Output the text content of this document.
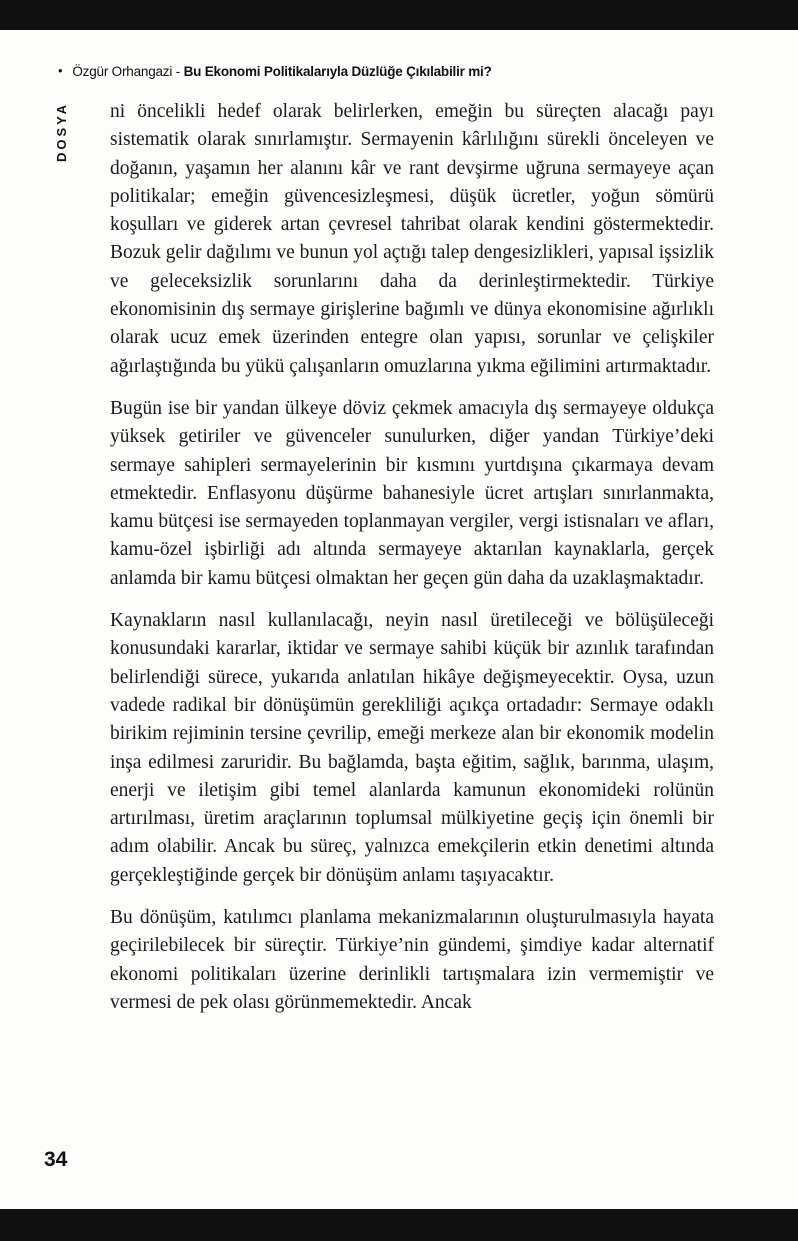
• Özgür Orhangazi - Bu Ekonomi Politikalarıyla Düzlüğe Çıkılabilir mi?
DOSYA ni öncelikli hedef olarak belirlerken, emeğin bu süreçten alacağı payı sistematik olarak sınırlamıştır. Sermayenin kârlılığını sürekli önceleyen ve doğanın, yaşamın her alanını kâr ve rant devşirme uğruna sermayeye açan politikalar; emeğin güvencesizleşmesi, düşük ücretler, yoğun sömürü koşulları ve giderek artan çevresel tahribat olarak kendini göstermektedir. Bozuk gelir dağılımı ve bunun yol açtığı talep dengesizlikleri, yapısal işsizlik ve geleceksizlik sorunlarını daha da derinleştirmektedir. Türkiye ekonomisinin dış sermaye girişlerine bağımlı ve dünya ekonomisine ağırlıklı olarak ucuz emek üzerinden entegre olan yapısı, sorunlar ve çelişkiler ağırlaştığında bu yükü çalışanların omuzlarına yıkma eğilimini artırmaktadır.

Bugün ise bir yandan ülkeye döviz çekmek amacıyla dış sermayeye oldukça yüksek getiriler ve güvenceler sunulurken, diğer yandan Türkiye’deki sermaye sahipleri sermayelerinin bir kısmını yurtdışına çıkarmaya devam etmektedir. Enflasyonu düşürme bahanesiyle ücret artışları sınırlanmakta, kamu bütçesi ise sermayeden toplanmayan vergiler, vergi istisnaları ve afları, kamu-özel işbirliği adı altında sermayeye aktarılan kaynaklarla, gerçek anlamda bir kamu bütçesi olmaktan her geçen gün daha da uzaklaşmaktadır.

Kaynakların nasıl kullanılacağı, neyin nasıl üretileceği ve bölüşüleceği konusundaki kararlar, iktidar ve sermaye sahibi küçük bir azınlık tarafından belirlendiği sürece, yukarıda anlatılan hikâye değişmeyecektir. Oysa, uzun vadede radikal bir dönüşümün gerekliliği açıkça ortadadır: Sermaye odaklı birikim rejiminin tersine çevrilip, emeği merkeze alan bir ekonomik modelin inşa edilmesi zaruridir. Bu bağlamda, başta eğitim, sağlık, barınma, ulaşım, enerji ve iletişim gibi temel alanlarda kamunun ekonomideki rolünün artırılması, üretim araçlarının toplumsal mülkiyetine geçiş için önemli bir adım olabilir. Ancak bu süreç, yalnızca emekçilerin etkin denetimi altında gerçekleştiğinde gerçek bir dönüşüm anlamı taşıyacaktır.

Bu dönüşüm, katılımcı planlama mekanizmalarının oluşturulmasıyla hayata geçirilebilecek bir süreçtir. Türkiye’nin gündemi, şimdiye kadar alternatif ekonomi politikaları üzerine derinlikli tartışmalara izin vermemiştir ve vermesi de pek olası görünmemektedir. Ancak

34
